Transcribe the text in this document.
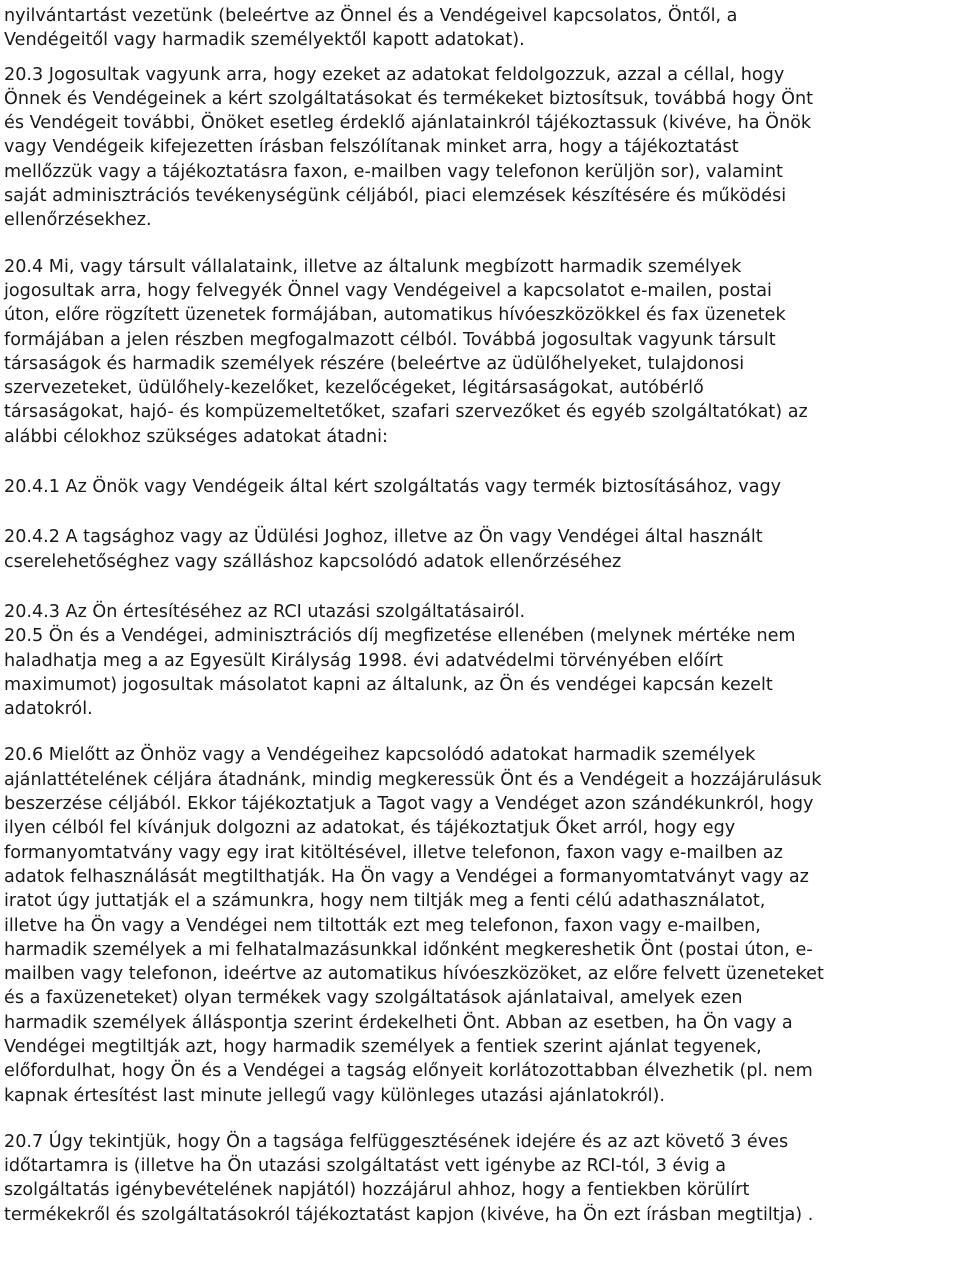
nyilvántartást vezetünk (beleértve az Önnel és a Vendégeivel kapcsolatos, Öntől, a
Vendégeitől vagy harmadik személyektől kapott adatokat).
20.3 Jogosultak vagyunk arra, hogy ezeket az adatokat feldolgozzuk, azzal a céllal, hogy
Önnek és Vendégeinek a kért szolgáltatásokat és termékeket biztosítsuk, továbbá hogy Önt
és Vendégeit további, Önöket esetleg érdeklő ajánlatainkról tájékoztassuk (kivéve, ha Önök
vagy Vendégeik kifejezetten írásban felszólítanak minket arra, hogy a tájékoztatást
mellőzzük vagy a tájékoztatásra faxon, e-mailben vagy telefonon kerüljön sor), valamint
saját adminisztrációs tevékenységünk céljából, piaci elemzések készítésére és működési
ellenőrzésekhez.
20.4 Mi, vagy társult vállalataink, illetve az általunk megbízott harmadik személyek
jogosultak arra, hogy felvegyék Önnel vagy Vendégeivel a kapcsolatot e-mailen, postai
úton, előre rögzített üzenetek formájában, automatikus hívóeszközökkel és fax üzenetek
formájában a jelen részben megfogalmazott célból. Továbbá jogosultak vagyunk társult
társaságok és harmadik személyek részére (beleértve az üdülőhelyeket, tulajdonosi
szervezeteket, üdülőhely-kezelőket, kezelőcégeket, légitársaságokat, autóbérlő
társaságokat, hajó- és kompüzemeltetőket, szafari szervezőket és egyéb szolgáltatókat) az
alábbi célokhoz szükséges adatokat átadni:
20.4.1 Az Önök vagy Vendégeik által kért szolgáltatás vagy termék biztosításához, vagy
20.4.2 A tagsághoz vagy az Üdülési Joghoz, illetve az Ön vagy Vendégei által használt
cserelehetőséghez vagy szálláshoz kapcsolódó adatok ellenőrzéséhez
20.4.3 Az Ön értesítéséhez az RCI utazási szolgáltatásairól.
20.5 Ön és a Vendégei, adminisztrációs díj megfizetése ellenében (melynek mértéke nem
haladhatja meg a az Egyesült Királyság 1998. évi adatvédelmi törvényében előírt
maximumot) jogosultak másolatot kapni az általunk, az Ön és vendégei kapcsán kezelt
adatokról.
20.6 Mielőtt az Önhöz vagy a Vendégeihez kapcsolódó adatokat harmadik személyek
ajánlattételének céljára átadnánk, mindig megkeressük Önt és a Vendégeit a hozzájárulásuk
beszerzése céljából. Ekkor tájékoztatjuk a Tagot vagy a Vendéget azon szándékunkról, hogy
ilyen célból fel kívánjuk dolgozni az adatokat, és tájékoztatjuk Őket arról, hogy egy
formanyomtatvány vagy egy irat kitöltésével, illetve telefonon, faxon vagy e-mailben az
adatok felhasználását megtilthatják. Ha Ön vagy a Vendégei a formanyomtatványt vagy az
iratot úgy juttatják el a számunkra, hogy nem tiltják meg a fenti célú adathasználatot,
illetve ha Ön vagy a Vendégei nem tiltották ezt meg telefonon, faxon vagy e-mailben,
harmadik személyek a mi felhatalmazásunkkal időnként megkereshetik Önt (postai úton, e-
mailben vagy telefonon, ideértve az automatikus hívóeszközöket, az előre felvett üzeneteket
és a faxüzeneteket) olyan termékek vagy szolgáltatások ajánlataival, amelyek ezen
harmadik személyek álláspontja szerint érdekelheti Önt. Abban az esetben, ha Ön vagy a
Vendégei megtiltják azt, hogy harmadik személyek a fentiek szerint ajánlat tegyenek,
előfordulhat, hogy Ön és a Vendégei a tagság előnyeit korlátozottabban élvezhetik (pl. nem
kapnak értesítést last minute jellegű vagy különleges utazási ajánlatokról).
20.7 Úgy tekintjük, hogy Ön a tagsága felfüggesztésének idejére és az azt követő 3 éves
időtartamra is (illetve ha Ön utazási szolgáltatást vett igénybe az RCI-tól, 3 évig a
szolgáltatás igénybevételének napjától) hozzájárul ahhoz, hogy a fentiekben körülírt
termékekről és szolgáltatásokról tájékoztatást kapjon (kivéve, ha Ön ezt írásban megtiltja) .
